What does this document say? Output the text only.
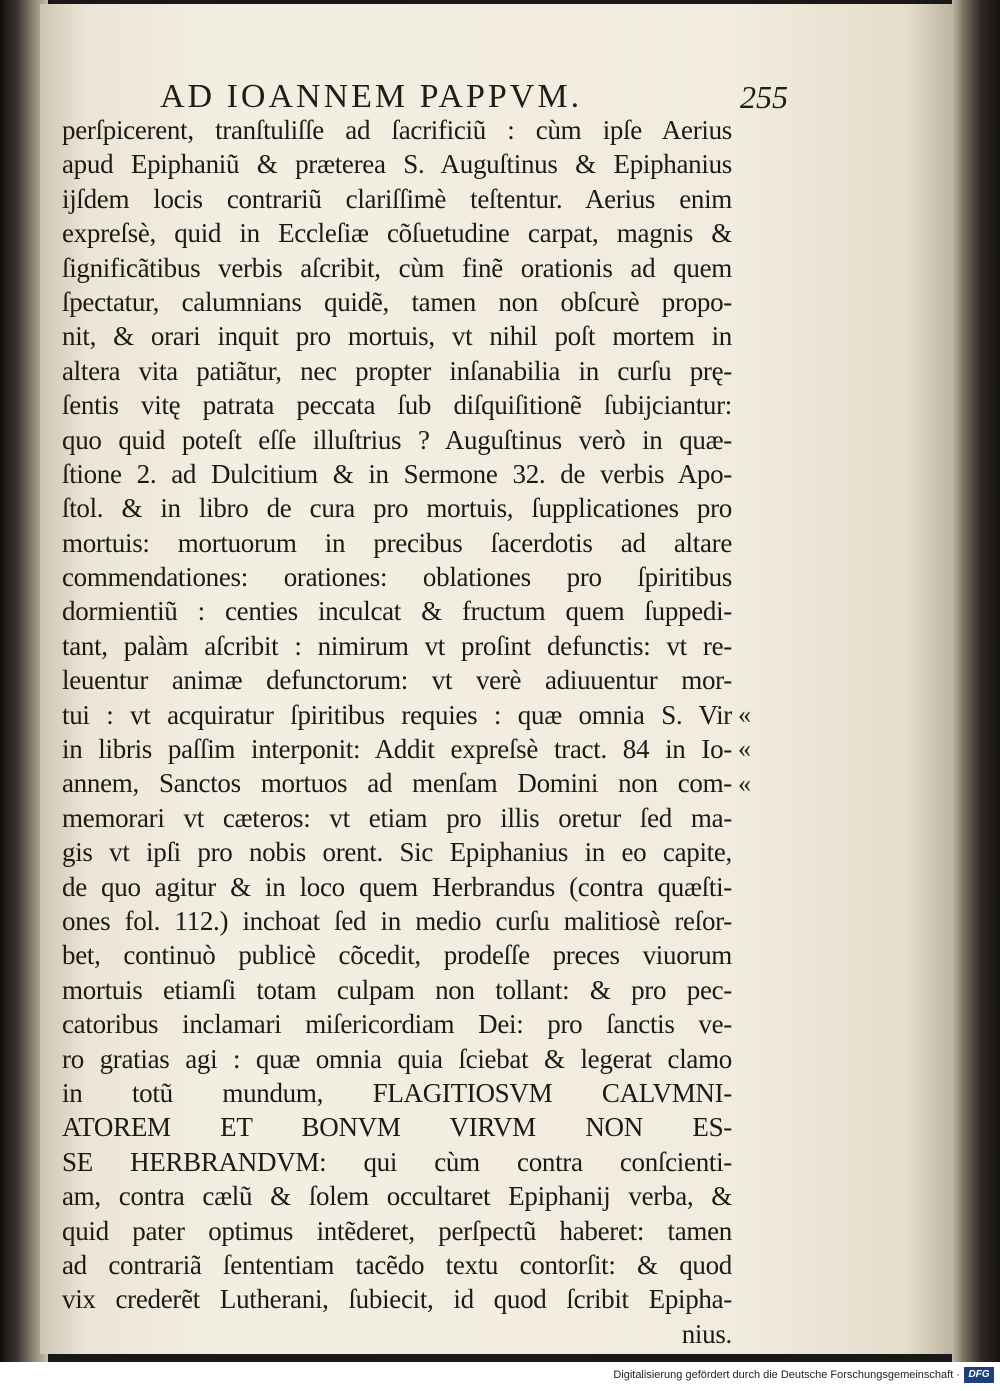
AD IOANNEM PAPPVM.	255
perſpicerent, tranſtuliſſe ad ſacrificiũ : cùm ipſe Aerius
apud Epiphaniũ & præterea S. Auguſtinus & Epiphanius
ijſdem locis contrariũ clariſſimè teſtentur. Aerius enim
expreſsè, quid in Eccleſiæ cõſuetudine carpat, magnis &
ſignificãtibus verbis aſcribit, cùm finẽ orationis ad quem
ſpectatur, calumnians quidẽ, tamen non obſcurè propo-
nit, & orari inquit pro mortuis, vt nihil poſt mortem in
altera vita patiãtur, nec propter inſanabilia in curſu prę-
ſentis vitę patrata peccata ſub diſquiſitionẽ ſubijciantur:
quo quid poteſt eſſe illuſtrius ? Auguſtinus verò in quæ-
ſtione 2. ad Dulcitium & in Sermone 32. de verbis Apo-
ſtol. & in libro de cura pro mortuis, ſupplicationes pro
mortuis: mortuorum in precibus ſacerdotis ad altare
commendationes: orationes: oblationes pro ſpiritibus
dormientiũ : centies inculcat & fructum quem ſuppedi-
tant, palàm aſcribit : nimirum vt proſint defunctis: vt re-
leuentur animæ defunctorum: vt verè adiuuentur mor-
tui : vt acquiratur ſpiritibus requies : quæ omnia S. Vir
in libris paſſim interponit: Addit expreſsè tract. 84 in Io-
annem, Sanctos mortuos ad menſam Domini non com-
memorari vt cæteros: vt etiam pro illis oretur ſed ma-
gis vt ipſi pro nobis orent. Sic Epiphanius in eo capite,
de quo agitur & in loco quem Herbrandus (contra quæſti-
ones fol. 112.) inchoat ſed in medio curſu malitiosè reſor-
bet, continuò publicè cõcedit, prodeſſe preces viuorum
mortuis etiamſi totam culpam non tollant: & pro pec-
catoribus inclamari miſericordiam Dei: pro ſanctis ve-
ro gratias agi : quæ omnia quia ſciebat & legerat clamo
in totũ mundum, FLAGITIOSVM CALVMNI-
ATOREM ET BONVM VIRVM NON ES-
SE HERBRANDVM: qui cùm contra conſcienti-
am, contra cælũ & ſolem occultaret Epiphanij verba, &
quid pater optimus intẽderet, perſpectũ haberet: tamen
ad contrariã ſententiam tacẽdo textu contorſit: & quod
vix crederẽt Lutherani, ſubiecit, id quod ſcribit Epipha-
nius.
«
«
«
Digitalisierung gefördert durch die Deutsche Forschungsgemeinschaft · DFG
